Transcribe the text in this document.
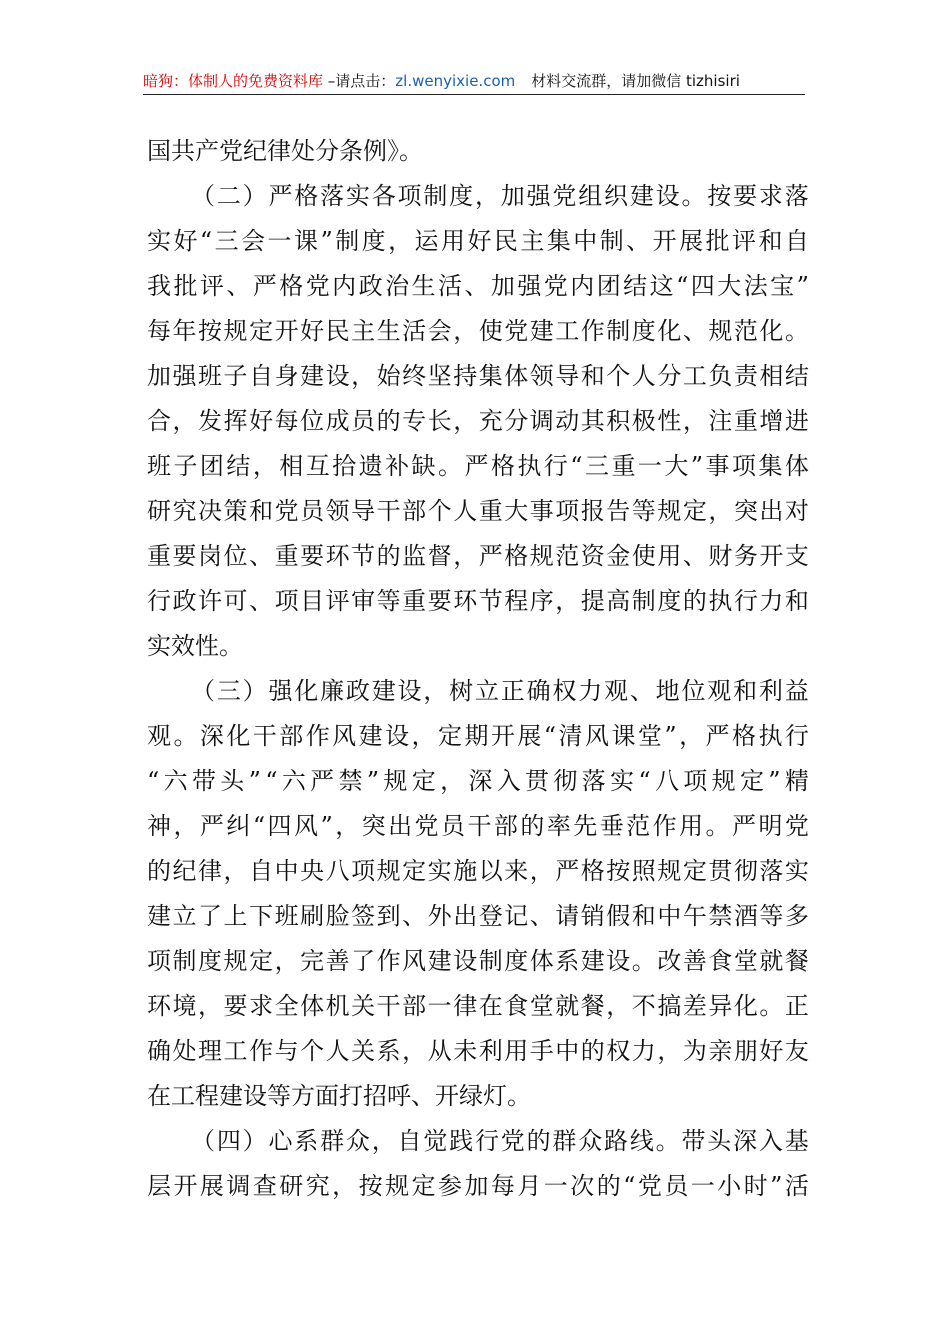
暗狗：体制人的免费资料库 –请点击：zl.wenyixie.com 材料交流群，请加微信 tizhisiri
国共产党纪律处分条例》。
（ 二 ） 严 格 落 实 各 项 制 度 ， 加 强 党 组 织 建 设 。 按 要 求 落
实 好 “ 三 会 一 课 ” 制 度 ， 运 用 好 民 主 集 中 制 、 开 展 批 评 和 自
我 批 评 、 严 格 党 内 政 治 生 活 、 加 强 党 内 团 结 这 “ 四 大 法 宝 ”
每 年 按 规 定 开 好 民 主 生 活 会 ， 使 党 建 工 作 制 度 化 、 规 范 化 。
加 强 班 子 自 身 建 设 ， 始 终 坚 持 集 体 领 导 和 个 人 分 工 负 责 相 结
合 ， 发 挥 好 每 位 成 员 的 专 长 ， 充 分 调 动 其 积 极 性 ， 注 重 增 进
班 子 团 结 ， 相 互 拾 遗 补 缺 。 严 格 执 行 “ 三 重 一 大 ” 事 项 集 体
研 究 决 策 和 党 员 领 导 干 部 个 人 重 大 事 项 报 告 等 规 定 ， 突 出 对
重 要 岗 位 、 重 要 环 节 的 监 督 ， 严 格 规 范 资 金 使 用 、 财 务 开 支
行 政 许 可 、 项 目 评 审 等 重 要 环 节 程 序 ， 提 高 制 度 的 执 行 力 和
实效性。
（ 三 ） 强 化 廉 政 建 设 ， 树 立 正 确 权 力 观 、 地 位 观 和 利 益
观 。 深 化 干 部 作 风 建 设 ， 定 期 开 展 “ 清 风 课 堂 ” ， 严 格 执 行
“ 六 带 头 ” “ 六 严 禁 ” 规 定 ， 深 入 贯 彻 落 实 “ 八 项 规 定 ” 精
神 ， 严 纠 “ 四 风 ” ， 突 出 党 员 干 部 的 率 先 垂 范 作 用 。 严 明 党
的 纪 律 ， 自 中 央 八 项 规 定 实 施 以 来 ， 严 格 按 照 规 定 贯 彻 落 实
建 立 了 上 下 班 刷 脸 签 到 、 外 出 登 记 、 请 销 假 和 中 午 禁 酒 等 多
项 制 度 规 定 ， 完 善 了 作 风 建 设 制 度 体 系 建 设 。 改 善 食 堂 就 餐
环 境 ， 要 求 全 体 机 关 干 部 一 律 在 食 堂 就 餐 ， 不 搞 差 异 化 。 正
确 处 理 工 作 与 个 人 关 系 ， 从 未 利 用 手 中 的 权 力 ， 为 亲 朋 好 友
在工程建设等方面打招呼、开绿灯。
（ 四 ） 心 系 群 众 ， 自 觉 践 行 党 的 群 众 路 线 。 带 头 深 入 基
层 开 展 调 查 研 究 ， 按 规 定 参 加 每 月 一 次 的 “ 党 员 一 小 时 ” 活
